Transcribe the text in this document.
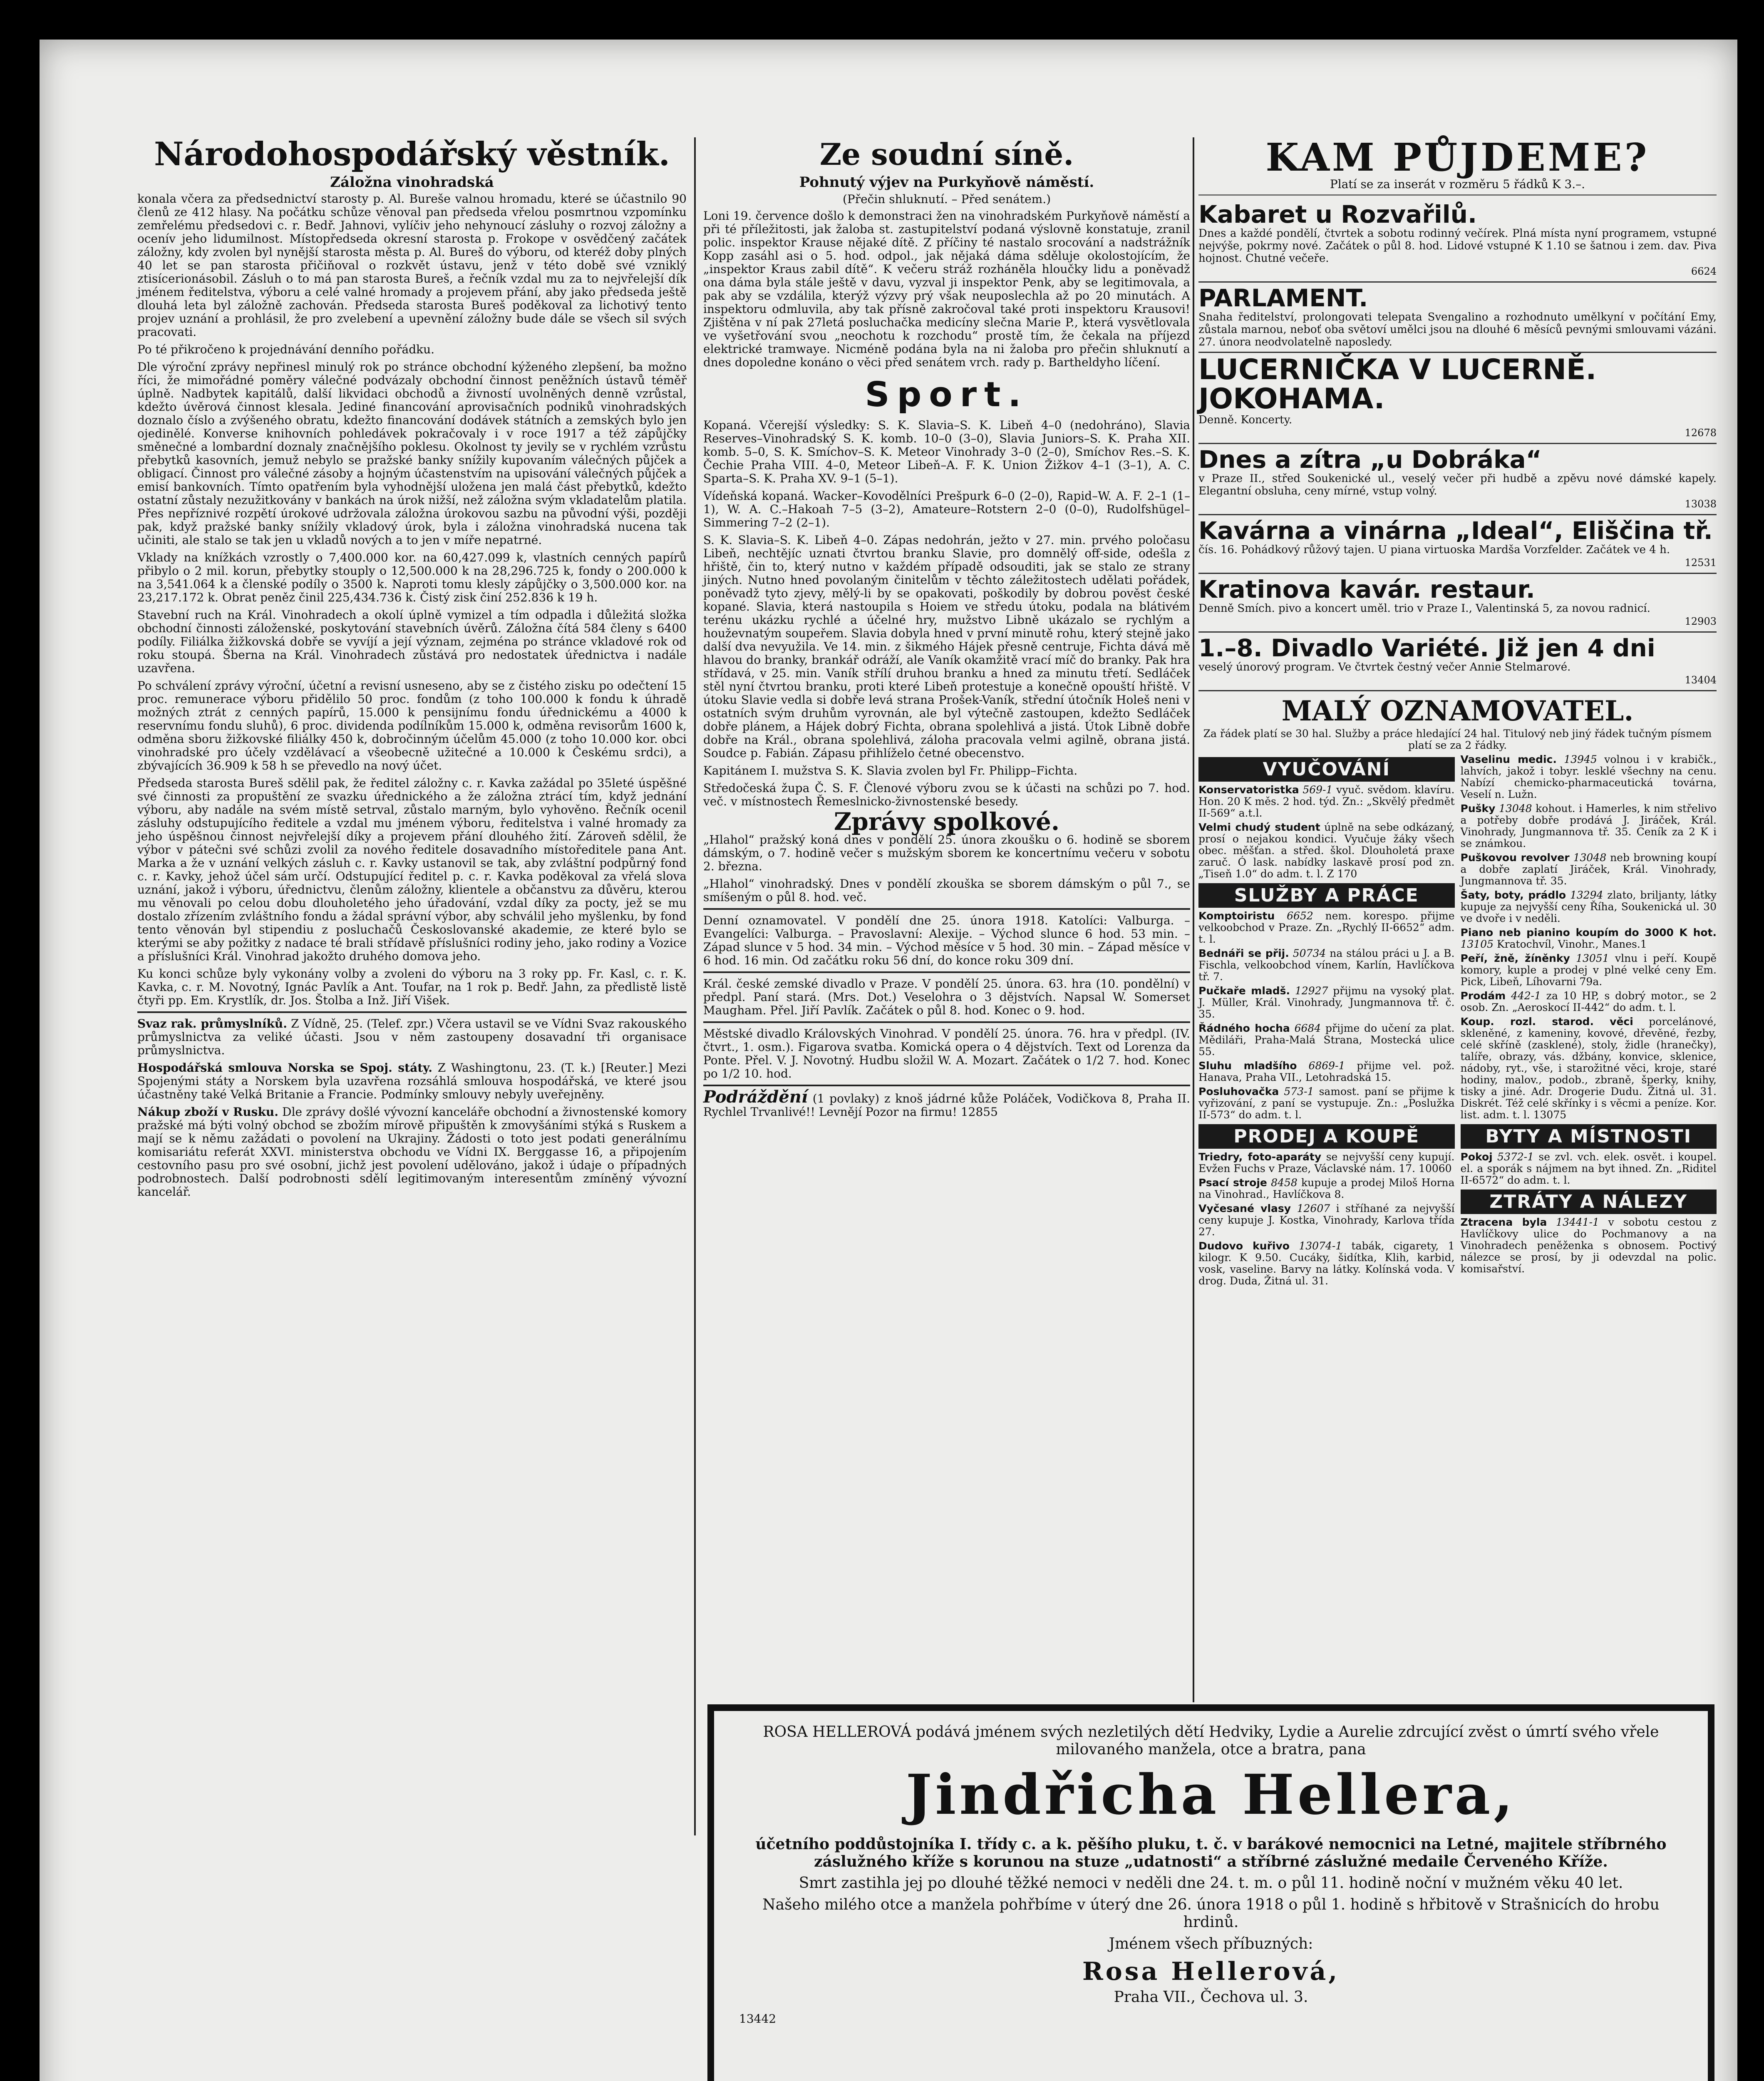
Národohospodářský věstník.
Záložna vinohradská

konala včera za předsednictví starosty p. Al. Bureše valnou hromadu, které se účastnilo 90 členů ze 412 hlasy. Na počátku schůze věnoval pan předseda vřelou posmrtnou vzpomínku zemřelému předsedovi c. r. Bedř. Jahnovi, vylíčiv jeho nehynoucí zásluhy o rozvoj záložny a ocenív jeho lidumilnost. Místopředseda okresní starosta p. Frokope v osvědčený začátek záložny, kdy zvolen byl nynější starosta města p. Al. Bureš do výboru, od kteréž doby plných 40 let se pan starosta přičiňoval o rozkvět ústavu, jenž v této době své vzniklý ztisícerionásobil. Zásluh o to má pan starosta Bureš, a řečník vzdal mu za to nejvřelejší dík jménem ředitelstva, výboru a celé valné hromady a projevem přání, aby jako předseda ještě dlouhá leta byl záložně zachován. Předseda starosta Bureš poděkoval za lichotivý tento projev uznání a prohlásil, že pro zvelebení a upevnění záložny bude dále se všech sil svých pracovati.

Po té přikročeno k projednávání denního pořádku.

Dle výroční zprávy nepřinesl minulý rok po stránce obchodní kýženého zlepšení, ba možno říci, že mimořádné poměry válečné podvázaly obchodní činnost peněžních ústavů téměř úplně. Nadbytek kapitálů, další likvidaci obchodů a živností uvolněných denně vzrůstal, kdežto úvěrová činnost klesala. Jediné financování aprovisačních podniků vinohradských doznalo číslo a zvýšeného obratu, kdežto financování dodávek státních a zemských bylo jen ojedinělé. Konverse knihovních pohledávek pokračovaly i v roce 1917 a též zápůjčky směnečné a lombardní doznaly značnějšího poklesu. Okolnost ty jevily se v rychlém vzrůstu přebytků kasovních, jemuž nebylo se pražské banky snížily kupovaním válečných půjček a obligací. Činnost pro válečné zásoby a hojným účastenstvím na upisování válečných půjček a emisí bankovních. Tímto opatřením byla vyhodnější uložena jen malá část přebytků, kdežto ostatní zůstaly nezužitkovány v bankách na úrok nižší, než záložna svým vkladatelům platila. Přes nepříznivé rozpětí úrokové udržovala záložna úrokovou sazbu na původní výši, později pak, když pražské banky snížily vkladový úrok, byla i záložna vinohradská nucena tak učiniti, ale stalo se tak jen u vkladů nových a to jen v míře nepatrné.

Vklady na knížkách vzrostly o 7,400.000 kor. na 60,427.099 k, vlastních cenných papírů přibylo o 2 mil. korun, přebytky stouply o 12,500.000 k na 28,296.725 k, fondy o 200.000 k na 3,541.064 k a členské podíly o 3500 k. Naproti tomu klesly zápůjčky o 3,500.000 kor. na 23,217.172 k. Obrat peněz činil 225,434.736 k. Čistý zisk činí 252.836 k 19 h.

Stavební ruch na Král. Vinohradech a okolí úplně vymizel a tím odpadla i důležitá složka obchodní činnosti záloženské, poskytování stavebních úvěrů. Záložna čítá 584 členy s 6400 podíly. Filiálka žižkovská dobře se vyvíjí a její význam, zejména po stránce vkladové rok od roku stoupá. Šberna na Král. Vinohradech zůstává pro nedostatek úřednictva i nadále uzavřena.

Po schválení zprávy výroční, účetní a revisní usneseno, aby se z čistého zisku po odečtení 15 proc. remunerace výboru přidělilo 50 proc. fondům (z toho 100.000 k fondu k úhradě možných ztrát z cenných papírů, 15.000 k pensijnímu fondu úřednickému a 4000 k reservnímu fondu sluhů), 6 proc. dividenda podílníkům 15.000 k, odměna revisorům 1600 k, odměna sboru žižkovské filiálky 450 k, dobročinným účelům 45.000 (z toho 10.000 kor. obci vinohradské pro účely vzdělávací a všeobecně užitečné a 10.000 k Českému srdci), a zbývajících 36.909 k 58 h se převedlo na nový účet.

Předseda starosta Bureš sdělil pak, že ředitel záložny c. r. Kavka zažádal po 35leté úspěšné své činnosti za propuštění ze svazku úřednického a že záložna ztrácí tím, když jednání výboru, aby nadále na svém místě setrval, zůstalo marným, bylo vyhověno. Řečník ocenil zásluhy odstupujícího ředitele a vzdal mu jménem výboru, ředitelstva i valné hromady za jeho úspěšnou činnost nejvřelejší díky a projevem přání dlouhého žití. Zároveň sdělil, že výbor v pátečni své schůzi zvolil za nového ředitele dosavadního místoředitele pana Ant. Marka a že v uznání velkých zásluh c. r. Kavky ustanovil se tak, aby zvláštní podpůrný fond c. r. Kavky, jehož účel sám určí. Odstupující ředitel p. c. r. Kavka poděkoval za vřelá slova uznání, jakož i výboru, úřednictvu, členům záložny, klientele a občanstvu za důvěru, kterou mu věnovali po celou dobu dlouholetého jeho úřadování, vzdal díky za pocty, jež se mu dostalo zřízením zvláštního fondu a žádal správní výbor, aby schválil jeho myšlenku, by fond tento věnován byl stipendiu z posluchačů Českoslovanské akademie, ze které bylo se kterými se aby požitky z nadace té brali střídavě příslušníci rodiny jeho, jako rodiny a Vozice a příslušníci Král. Vinohrad jakožto druhého domova jeho.

Ku konci schůze byly vykonány volby a zvoleni do výboru na 3 roky pp. Fr. Kasl, c. r. K. Kavka, c. r. M. Novotný, Ignác Pavlík a Ant. Toufar, na 1 rok p. Bedř. Jahn, za předlistě listě čtyři pp. Em. Krystlík, dr. Jos. Štolba a Inž. Jiří Višek.

Svaz rak. průmyslníků. Z Vídně, 25. (Telef. zpr.) Včera ustavil se ve Vídni Svaz rakouského průmyslnictva za veliké účasti. Jsou v něm zastoupeny dosavadní tři organisace průmyslnictva.

Hospodářská smlouva Norska se Spoj. státy. Z Washingtonu, 23. (T. k.) [Reuter.] Mezi Spojenými státy a Norskem byla uzavřena rozsáhlá smlouva hospodářská, ve které jsou účastněny také Velká Britanie a Francie. Podmínky smlouvy nebyly uveřejněny.

Nákup zboží v Rusku. Dle zprávy došlé vývozní kanceláře obchodní a živnostenské komory pražské má býti volný obchod se zbožím mírově připuštěn k zmovyšáními stýká s Ruskem a mají se k němu zažádati o povolení na Ukrajiny. Žádosti o toto jest podati generálnímu komisariátu referát XXVI. ministerstva obchodu ve Vídni IX. Berggasse 16, a připojením cestovního pasu pro své osobní, jichž jest povolení udělováno, jakož i údaje o případných podrobnostech. Další podrobnosti sdělí legitimovaným interesentům zmíněný vývozní kancelář.

Ze soudní síně.
Pohnutý výjev na Purkyňově náměstí.
(Přečin shluknutí. – Před senátem.)

Loni 19. července došlo k demonstraci žen na vinohradském Purkyňově náměstí a při té příležitosti, jak žaloba st. zastupitelství podaná výslovně konstatuje, zranil polic. inspektor Krause nějaké dítě. Z příčiny té nastalo srocování a nadstrážník Kopp zasáhl asi o 5. hod. odpol., jak nějaká dáma sděluje okolostojícím, že „inspektor Kraus zabil dítě“. K večeru stráž rozháněla hloučky lidu a poněvadž ona dáma byla stále ještě v davu, vyzval ji inspektor Penk, aby se legitimovala, a pak aby se vzdálila, kterýž výzvy prý však neuposlechla až po 20 minutách. A inspektoru odmluvila, aby tak přísně zakročoval také proti inspektoru Krausovi! Zjištěna v ní pak 27letá posluchačka medicíny slečna Marie P., která vysvětlovala ve vyšetřování svou „neochotu k rozchodu“ prostě tím, že čekala na příjezd elektrické tramwaye. Nicméně podána byla na ni žaloba pro přečin shluknutí a dnes dopoledne konáno o věci před senátem vrch. rady p. Bartheldyho líčení.

Sport.

Kopaná. Včerejší výsledky: S. K. Slavia–S. K. Libeň 4–0 (nedohráno), Slavia Reserves–Vinohradský S. K. komb. 10–0 (3–0), Slavia Juniors–S. K. Praha XII. komb. 5–0, S. K. Smíchov–S. K. Meteor Vinohrady 3–0 (2–0), Smíchov Res.–S. K. Čechie Praha VIII. 4–0, Meteor Libeň–A. F. K. Union Žižkov 4–1 (3–1), A. C. Sparta–S. K. Praha XV. 9–1 (5–1).

Vídeňská kopaná. Wacker–Kovodělníci Prešpurk 6–0 (2–0), Rapid–W. A. F. 2–1 (1–1), W. A. C.–Hakoah 7–5 (3–2), Amateure–Rotstern 2–0 (0–0), Rudolfshügel–Simmering 7–2 (2–1).

S. K. Slavia–S. K. Libeň 4–0. Zápas nedohrán, ježto v 27. min. prvého poločasu Libeň, nechtějíc uznati čtvrtou branku Slavie, pro domnělý off-side, odešla z hřiště, čin to, který nutno v každém případě odsouditi, jak se stalo ze strany jiných. Nutno hned povolaným činitelům v těchto záležitostech udělati pořádek, poněvadž tyto zjevy, mělý-li by se opakovati, poškodily by dobrou pověst české kopané. Slavia, která nastoupila s Hoiem ve středu útoku, podala na blátivém terénu ukázku rychlé a účelné hry, mužstvo Libně ukázalo se rychlým a houževnatým soupeřem. Slavia dobyla hned v první minutě rohu, který stejně jako další dva nevyužila. Ve 14. min. z šikmého Hájek přesně centruje, Fichta dává mě hlavou do branky, brankář odráží, ale Vaník okamžitě vrací míč do branky. Pak hra střídavá, v 25. min. Vaník střílí druhou branku a hned za minutu třetí. Sedláček stěl nyní čtvrtou branku, proti které Libeň protestuje a konečně opouští hřiště. V útoku Slavie vedla si dobře levá strana Prošek-Vaník, střední útočník Holeš neni v ostatních svým druhům vyrovnán, ale byl výtečně zastoupen, kdežto Sedláček dobře plánem, a Hájek dobrý Fichta, obrana spolehlivá a jistá. Útok Libně dobře dobře na Král., obrana spolehlivá, záloha pracovala velmi agilně, obrana jistá. Soudce p. Fabián. Zápasu přihlíželo četné obecenstvo.

Kapitánem I. mužstva S. K. Slavia zvolen byl Fr. Philipp–Fichta.

Středočeská župa Č. S. F. Členové výboru zvou se k účasti na schůzi po 7. hod. več. v místnostech Řemeslnicko-živnostenské besedy.

Zprávy spolkové.

„Hlahol“ pražský koná dnes v pondělí 25. února zkoušku o 6. hodině se sborem dámským, o 7. hodině večer s mužským sborem ke koncertnímu večeru v sobotu 2. března.

„Hlahol“ vinohradský. Dnes v pondělí zkouška se sborem dámským o půl 7., se smíšeným o půl 8. hod. več.

Denní oznamovatel. V pondělí dne 25. února 1918. Katolíci: Valburga. – Evangelíci: Valburga. – Pravoslavní: Alexije. – Východ slunce 6 hod. 53 min. – Západ slunce v 5 hod. 34 min. – Východ měsíce v 5 hod. 30 min. – Západ měsíce v 6 hod. 16 min. Od začátku roku 56 dní, do konce roku 309 dní.

Král. české zemské divadlo v Praze. V pondělí 25. února. 63. hra (10. pondělní) v předpl. Paní stará. (Mrs. Dot.) Veselohra o 3 dějstvích. Napsal W. Somerset Maugham. Přel. Jiří Pavlík. Začátek o půl 8. hod. Konec o 9. hod.

Městské divadlo Královských Vinohrad. V pondělí 25. února. 76. hra v předpl. (IV. čtvrt., 1. osm.). Figarova svatba. Komická opera o 4 dějstvích. Text od Lorenza da Ponte. Přel. V. J. Novotný. Hudbu složil W. A. Mozart. Začátek o 1/2 7. hod. Konec po 1/2 10. hod.

Podráždění (1 povlaky) z knoš jádrné kůže Poláček, Vodičkova 8, Praha II. Rychlel Trvanlivé!! Levnějí Pozor na firmu! 12855

KAM PŮJDEME?
Platí se za inserát v rozměru 5 řádků K 3.–.
Kabaret u Rozvařilů.

Dnes a každé pondělí, čtvrtek a sobotu rodinný večírek. Plná místa nyní programem, vstupné nejvýše, pokrmy nové. Začátek o půl 8. hod. Lidové vstupné K 1.10 se šatnou i zem. dav. Piva hojnost. Chutné večeře.

6624

PARLAMENT.

Snaha ředitelství, prolongovati telepata Svengalino a rozhodnuto umělkyní v počítání Emy, zůstala marnou, neboť oba světoví umělci jsou na dlouhé 6 měsíců pevnými smlouvami vázáni. 27. února neodvolatelně naposledy.

LUCERNIČKA V LUCERNĚ.
JOKOHAMA.

Denně. Koncerty.

12678

Dnes a zítra „u Dobráka“

v Praze II., střed Soukenické ul., veselý večer při hudbě a zpěvu nové dámské kapely. Elegantní obsluha, ceny mírné, vstup volný.

13038

Kavárna a vinárna „Ideal“, Eliščina tř.

čís. 16. Pohádkový růžový tajen. U piana virtuoska Mardša Vorzfelder. Začátek ve 4 h.

12531

Kratinova kavár. restaur.

Denně Smích. pivo a koncert uměl. trio v Praze I., Valentinská 5, za novou radnicí.

12903

1.–8. Divadlo Variété. Již jen 4 dni

veselý únorový program. Ve čtvrtek čestný večer Annie Stelmarové.

13404

MALÝ OZNAMOVATEL.

Za řádek platí se 30 hal. Služby a práce hledající 24 hal. Titulový neb jiný řádek tučným písmem platí se za 2 řádky.

VYUČOVÁNÍ

Konservatoristka 569-1 vyuč. svědom. klavíru. Hon. 20 K měs. 2 hod. týd. Zn.: „Skvělý předmět II-569“ a.t.l.

Velmi chudý student úplně na sebe odkázaný, prosí o nejakou kondici. Vyučuje žáky všech obec. měšťan. a střed. škol. Dlouholetá praxe zaruč. Ó lask. nabídky laskavě prosí pod zn. „Tiseň 1.0“ do adm. t. l. Z 170

SLUŽBY A PRÁCE

Komptoiristu 6652 nem. korespo. přijme velkoobchod v Praze. Zn. „Rychlý II-6652“ adm. t. l.

Bednáři se přij. 50734 na stálou práci u J. a B. Fischla, velkoobchod vínem, Karlín, Havlíčkova tř. 7.

Pučkaře mladš. 12927 přijmu na vysoký plat. J. Müller, Král. Vinohrady, Jungmannova tř. č. 35.

Řádného hocha 6684 přijme do učení za plat. Mědiláři, Praha-Malá Strana, Mostecká ulice 55.

Sluhu mladšího 6869-1 přijme vel. pož. Hanava, Praha VII., Letohradská 15.

Posluhovačka 573-1 samost. paní se přijme k vyřizování, z paní se vystupuje. Zn.: „Poslužka II-573“ do adm. t. l.

PRODEJ A KOUPĚ

Triedry, foto-aparáty se nejvyšší ceny kupují. Evžen Fuchs v Praze, Václavské nám. 17. 10060

Psací stroje 8458 kupuje a prodej Miloš Horna na Vinohrad., Havlíčkova 8.

Vyčesané vlasy 12607 i stříhané za nejvyšší ceny kupuje J. Kostka, Vinohrady, Karlova třída 27.

Dudovo kuřivo 13074-1 tabák, cigarety, 1 kilogr. K 9.50. Cucáky, šidítka, Klih, karbid, vosk, vaseline. Barvy na látky. Kolínská voda. V drog. Duda, Žitná ul. 31.

Vaselinu medic. 13945 volnou i v krabičk., lahvích, jakož i tobyr. lesklé všechny na cenu. Nabízí chemicko-pharmaceutická továrna, Veselí n. Lužn.

Pušky 13048 kohout. i Hamerles, k nim střelivo a potřeby dobře prodává J. Jiráček, Král. Vinohrady, Jungmannova tř. 35. Ceník za 2 K i se známkou.

Puškovou revolver 13048 neb browning koupí a dobře zaplatí Jiráček, Král. Vinohrady, Jungmannova tř. 35.

Šaty, boty, prádlo 13294 zlato, briljanty, látky kupuje za nejvyšší ceny Říha, Soukenická ul. 30 ve dvoře i v neděli.

Piano neb pianino koupím do 3000 K hot. 13105 Kratochvíl, Vinohr., Manes.1

Peří, žně, žíněnky 13051 vlnu i peří. Koupě komory, kuple a prodej v plné velké ceny Em. Pick, Libeň, Líhovarni 79a.

Prodám 442-1 za 10 HP, s dobrý motor., se 2 osob. Zn. „Aeroskocí II-442“ do adm. t. l.

Koup. rozl. starod. věci porcelánové, skleněné, z kameniny, kovové, dřevěné, řezby, celé skříně (zasklené), stoly, židle (hranečky), talíře, obrazy, vás. džbány, konvice, sklenice, nádoby, ryt., vše, i starožitné věci, kroje, staré hodiny, malov., podob., zbraně, šperky, knihy, tisky a jiné. Adr. Drogerie Dudu. Žitná ul. 31. Diskrét. Též celé skřínky i s věcmi a peníze. Kor. list. adm. t. l. 13075

BYTY A MÍSTNOSTI

Pokoj 5372-1 se zvl. vch. elek. osvět. i koupel. el. a sporák s nájmem na byt ihned. Zn. „Riditel II-6572“ do adm. t. l.

ZTRÁTY A NÁLEZY

Ztracena byla 13441-1 v sobotu cestou z Havlíčkovy ulice do Pochmanovy a na Vinohradech peněženka s obnosem. Poctivý nálezce se prosí, by ji odevzdal na polic. komisařství.

ROSA HELLEROVÁ podává jménem svých nezletilých dětí Hedviky, Lydie a Aurelie zdrcující zvěst o úmrtí svého vřele milovaného manžela, otce a bratra, pana

Jindřicha Hellera,

účetního poddůstojníka I. třídy c. a k. pěšího pluku, t. č. v barákové nemocnici na Letné, majitele stříbrného záslužného kříže s korunou na stuze „udatnosti“ a stříbrné záslužné medaile Červeného Kříže.

Smrt zastihla jej po dlouhé těžké nemoci v neděli dne 24. t. m. o půl 11. hodině noční v mužném věku 40 let.

Našeho milého otce a manžela pohřbíme v úterý dne 26. února 1918 o půl 1. hodině s hřbitově v Strašnicích do hrobu hrdinů.

Jménem všech příbuzných:

Rosa Hellerová,

Praha VII., Čechova ul. 3.

13442
